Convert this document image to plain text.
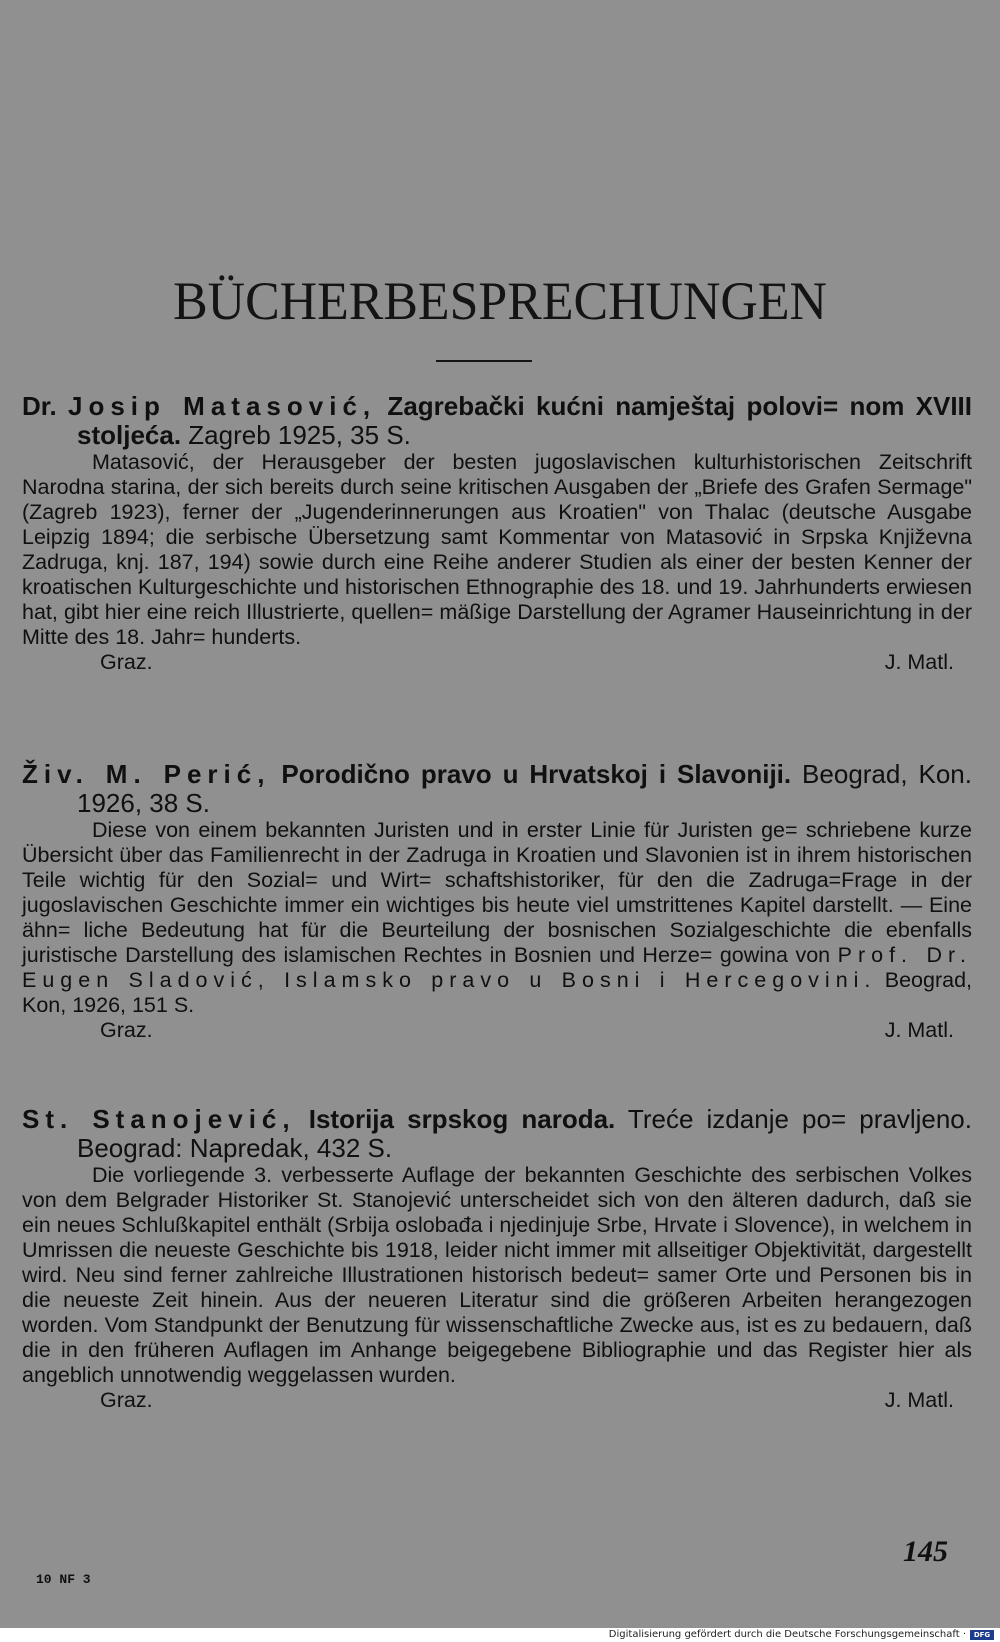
BÜCHERBESPRECHUNGEN

Dr. Josip Matasović, Zagrebački kućni namještaj polovi= nom XVIII stoljeća. Zagreb 1925, 35 S.

Matasović, der Herausgeber der besten jugoslavischen kulturhistorischen Zeitschrift Narodna starina, der sich bereits durch seine kritischen Ausgaben der „Briefe des Grafen Sermage" (Zagreb 1923), ferner der „Jugenderinnerungen aus Kroatien" von Thalac (deutsche Ausgabe Leipzig 1894; die serbische Übersetzung samt Kommentar von Matasović in Srpska Književna Zadruga, knj. 187, 194) sowie durch eine Reihe anderer Studien als einer der besten Kenner der kroatischen Kulturgeschichte und historischen Ethnographie des 18. und 19. Jahrhunderts erwiesen hat, gibt hier eine reich Illustrierte, quellen= mäßige Darstellung der Agramer Hauseinrichtung in der Mitte des 18. Jahr= hunderts.

Graz.	J. Matl.

Živ. M. Perić, Porodično pravo u Hrvatskoj i Slavoniji. Beograd, Kon. 1926, 38 S.

Diese von einem bekannten Juristen und in erster Linie für Juristen ge= schriebene kurze Übersicht über das Familienrecht in der Zadruga in Kroatien und Slavonien ist in ihrem historischen Teile wichtig für den Sozial= und Wirt= schaftshistoriker, für den die Zadruga=Frage in der jugoslavischen Geschichte immer ein wichtiges bis heute viel umstrittenes Kapitel darstellt. — Eine ähn= liche Bedeutung hat für die Beurteilung der bosnischen Sozialgeschichte die ebenfalls juristische Darstellung des islamischen Rechtes in Bosnien und Herze= gowina von Prof. Dr. Eugen Sladović, Islamsko pravo u Bosni i Hercegovini. Beograd, Kon, 1926, 151 S.

Graz.	J. Matl.

St. Stanojević, Istorija srpskog naroda. Treće izdanje po= pravljeno. Beograd: Napredak, 432 S.

Die vorliegende 3. verbesserte Auflage der bekannten Geschichte des serbischen Volkes von dem Belgrader Historiker St. Stanojević unterscheidet sich von den älteren dadurch, daß sie ein neues Schlußkapitel enthält (Srbija oslobađa i njedinjuje Srbe, Hrvate i Slovence), in welchem in Umrissen die neueste Geschichte bis 1918, leider nicht immer mit allseitiger Objektivität, dargestellt wird. Neu sind ferner zahlreiche Illustrationen historisch bedeut= samer Orte und Personen bis in die neueste Zeit hinein. Aus der neueren Literatur sind die größeren Arbeiten herangezogen worden. Vom Standpunkt der Benutzung für wissenschaftliche Zwecke aus, ist es zu bedauern, daß die in den früheren Auflagen im Anhange beigegebene Bibliographie und das Register hier als angeblich unnotwendig weggelassen wurden.

Graz.	J. Matl.
145
10 NF 3
Digitalisierung gefördert durch die Deutsche Forschungsgemeinschaft ·	DFG
